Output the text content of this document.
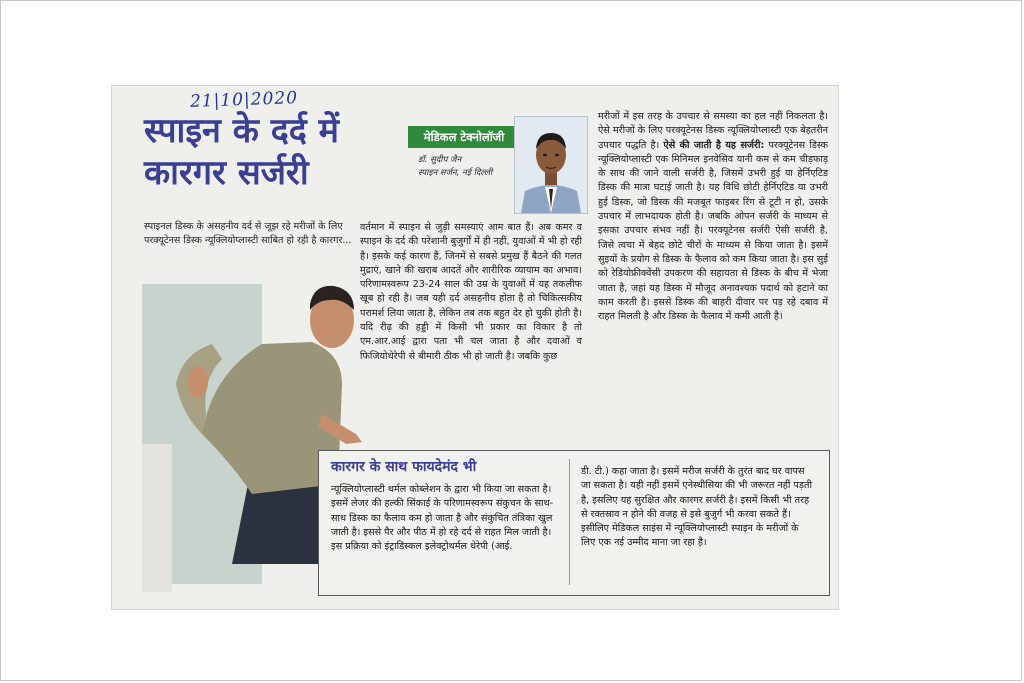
21|10|2020
स्पाइन के दर्द में कारगर सर्जरी
मेडिकल टेक्नोलॉजी
डॉ. सुदीप जैन
स्पाइन सर्जन, नई दिल्ली
स्पाइनल डिस्क के असहनीय दर्द से जूझ रहे मरीजों के लिए परक्यूटेनस डिस्क न्यूक्लियोप्लास्टी साबित हो रही है कारगर...
वर्तमान में स्पाइन से जुड़ी समस्याएं आम बात हैं। अब कमर व स्पाइन के दर्द की परेशानी बुजुर्गों में ही नहीं, युवाओं में भी हो रही है। इसके कई कारण हैं, जिनमें से सबसे प्रमुख हैं बैठने की गलत मुद्राएं, खाने की खराब आदतें और शारीरिक व्यायाम का अभाव। परिणामस्वरूप 23-24 साल की उम्र के युवाओं में यह तकलीफ खूब हो रही है। जब यही दर्द असहनीय होता है तो चिकित्सकीय परामर्श लिया जाता है, लेकिन तब तक बहुत देर हो चुकी होती है। यदि रीढ़ की हड्डी में किसी भी प्रकार का विकार है तो एम.आर.आई द्वारा पता भी चल जाता है और दवाओं व फिजियोथेरेपी से बीमारी ठीक भी हो जाती है। जबकि कुछ
मरीजों में इस तरह के उपचार से समस्या का हल नहीं निकलता है। ऐसे मरीजों के लिए परक्यूटेनस डिस्क न्यूक्लियोप्लास्टी एक बेहतरीन उपचार पद्धति है। ऐसे की जाती है यह सर्जरी: परक्यूटेनस डिस्क न्यूक्लियोप्लास्टी एक मिनिमल इनवेसिव यानी कम से कम चीड़फाड़ के साथ की जाने वाली सर्जरी है, जिसमें उभरी हुई या हेर्निएटिड डिस्क की मात्रा घटाई जाती है। यह विधि छोटी हेर्निएटिड या उभरी हुई डिस्क, जो डिस्क की मजबूत फाइबर रिंग से टूटी न हो, उसके उपचार में लाभदायक होती है। जबकि ओपन सर्जरी के माध्यम से इसका उपचार संभव नहीं है। परक्यूटेनस सर्जरी ऐसी सर्जरी है, जिसे त्वचा में बेहद छोटे चीरों के माध्यम से किया जाता है। इसमें सुइयों के प्रयोग से डिस्क के फैलाव को कम किया जाता है। इस सुई को रेडियोफ्रीक्वेंसी उपकरण की सहायता से डिस्क के बीच में भेजा जाता है, जहां यह डिस्क में मौजूद अनावश्यक पदार्थ को हटाने का काम करती है। इससे डिस्क की बाहरी दीवार पर पड़ रहे दबाव में राहत मिलती है और डिस्क के फैलाव में कमी आती है।
कारगर के साथ फायदेमंद भी
न्यूक्लियोप्लास्टी थर्मल कोब्लेशन के द्वारा भी किया जा सकता है। इसमें लेजर की हल्की सिंकाई के परिणामस्वरूप संकुचन के साथ-साथ डिस्क का फैलाव कम हो जाता है और संकुचित तंत्रिका खुल जाती है। इससे पैर और पीठ में हो रहे दर्द से राहत मिल जाती है। इस प्रक्रिया को इंट्राडिस्कल इलेक्ट्रोथर्मल थेरेपी (आई.
डी. टी.) कहा जाता है। इसमें मरीज सर्जरी के तुरंत बाद घर वापस जा सकता है। यही नहीं इसमें एनेस्थीसिया की भी जरूरत नहीं पड़ती है, इसलिए यह सुरक्षित और कारगर सर्जरी है। इसमें किसी भी तरह से रक्तस्राव न होने की वजह से इसे बुजुर्ग भी करवा सकते हैं। इसीलिए मेडिकल साइंस में न्यूक्लियोप्लास्टी स्पाइन के मरीजों के लिए एक नई उम्मीद माना जा रहा है।
